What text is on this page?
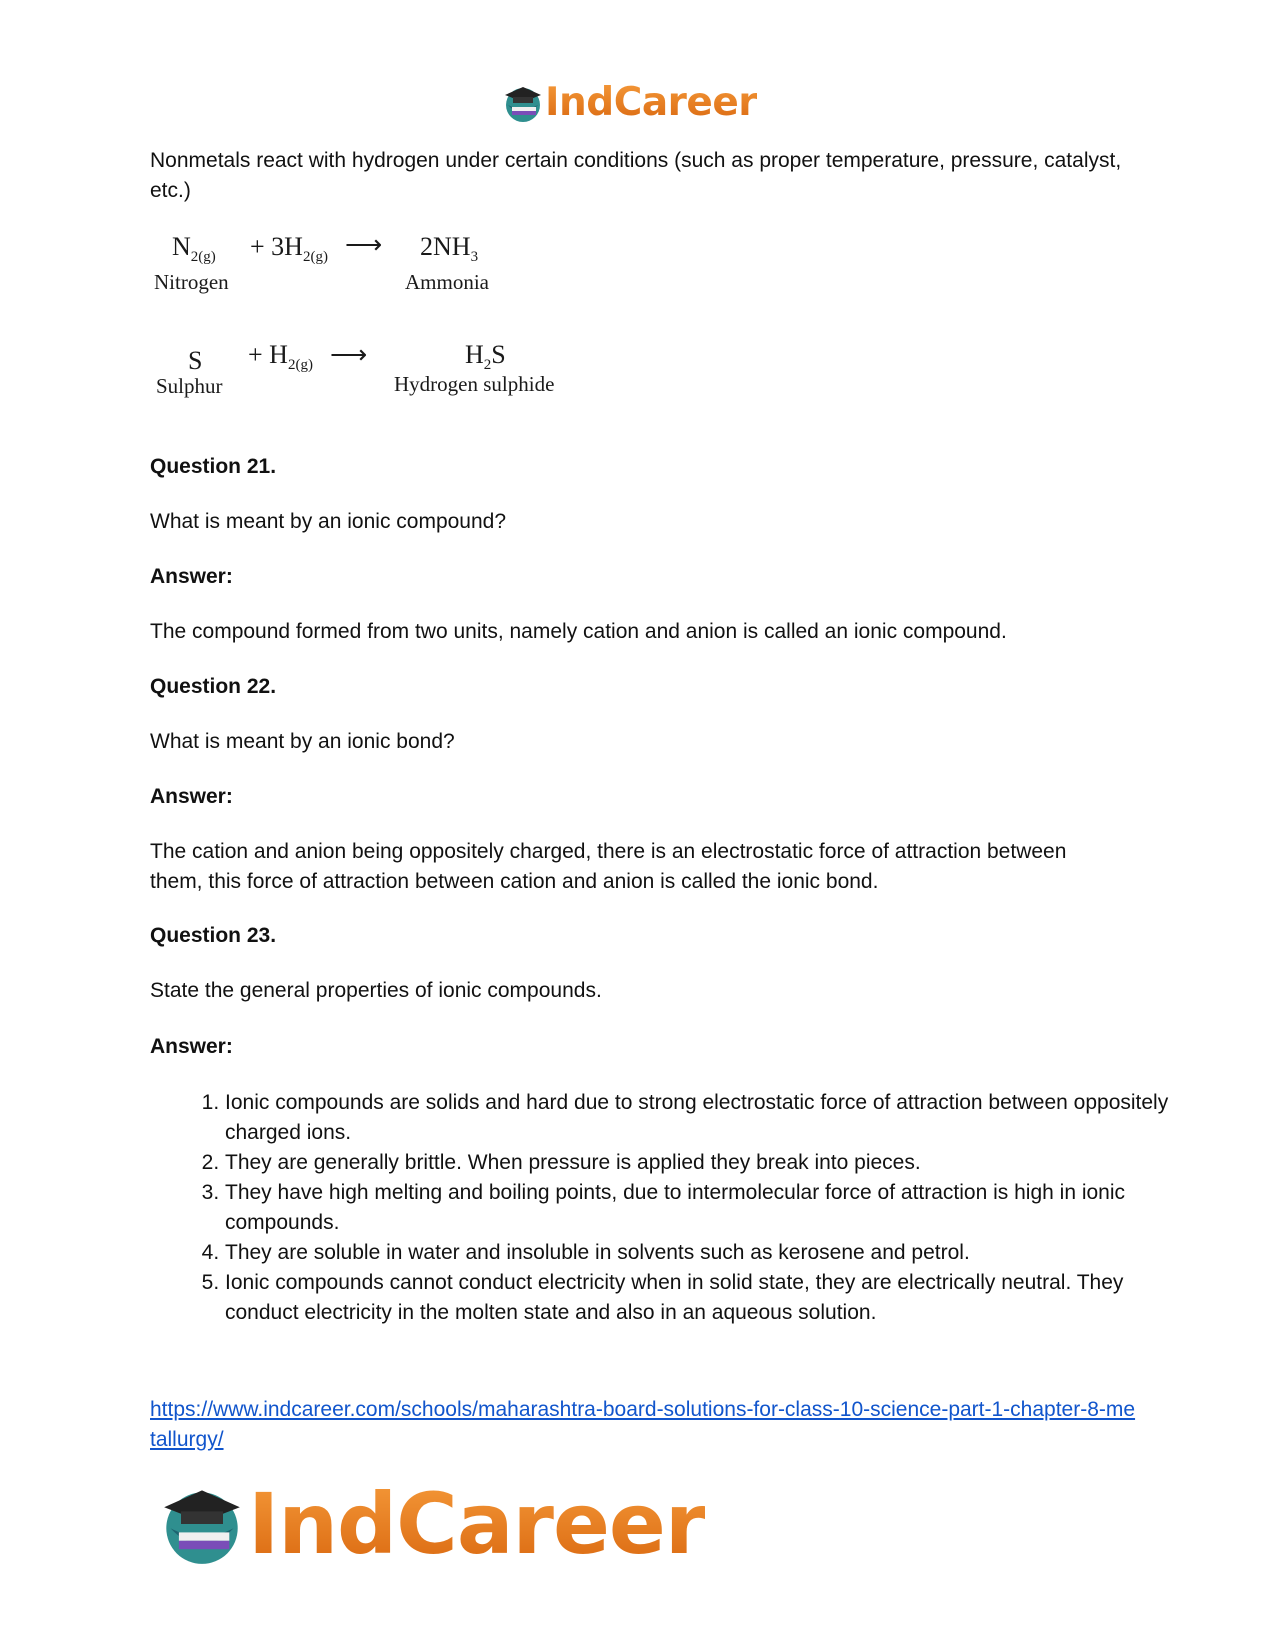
IndCareer

Nonmetals react with hydrogen under certain conditions (such as proper temperature, pressure, catalyst, etc.)

$N_{2(g)} + 3H_{2(g)}$ ⟶ $2NH_3$
Nitrogen	Ammonia
$S + H_{2(g)}$ ⟶	$H_2S$
Sulphur	Hydrogen sulphide

Question 21.

What is meant by an ionic compound?

Answer:

The compound formed from two units, namely cation and anion is called an ionic compound.

Question 22.

What is meant by an ionic bond?

Answer:

The cation and anion being oppositely charged, there is an electrostatic force of attraction between them, this force of attraction between cation and anion is called the ionic bond.

Question 23.

State the general properties of ionic compounds.

Answer:

1. Ionic compounds are solids and hard due to strong electrostatic force of attraction between oppositely charged ions.
2. They are generally brittle. When pressure is applied they break into pieces.
3. They have high melting and boiling points, due to intermolecular force of attraction is high in ionic compounds.
4. They are soluble in water and insoluble in solvents such as kerosene and petrol.
5. Ionic compounds cannot conduct electricity when in solid state, they are electrically neutral. They conduct electricity in the molten state and also in an aqueous solution.
https://www.indcareer.com/schools/maharashtra-board-solutions-for-class-10-science-part-1-chapter-8-metallurgy/
IndCareer
